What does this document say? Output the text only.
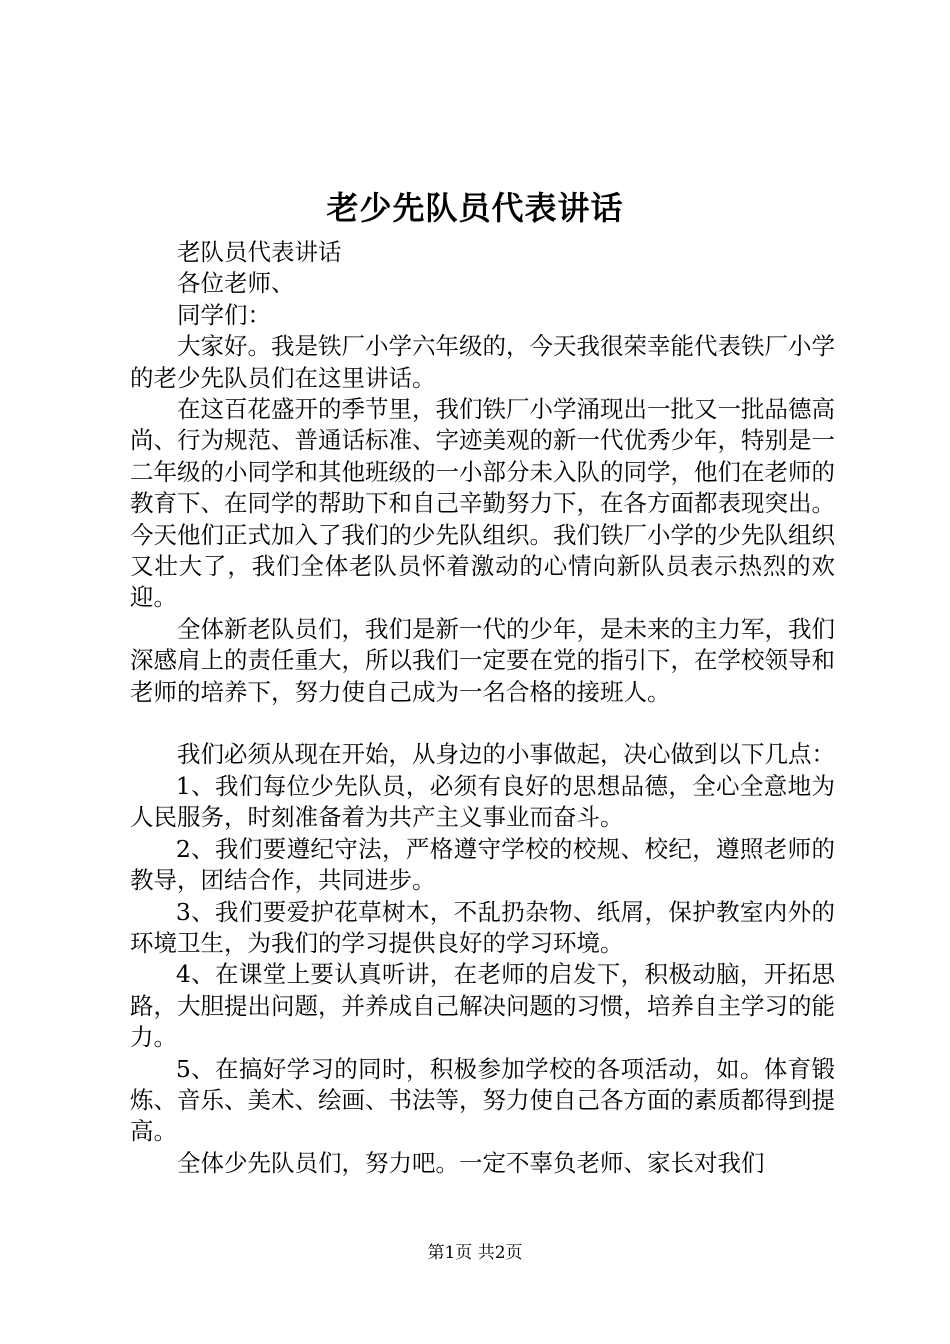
老少先队员代表讲话

老队员代表讲话

各位老师、

同学们：

大家好。我是铁厂小学六年级的，今天我很荣幸能代表铁厂小学的老少先队员们在这里讲话。

在这百花盛开的季节里，我们铁厂小学涌现出一批又一批品德高尚、行为规范、普通话标准、字迹美观的新一代优秀少年，特别是一二年级的小同学和其他班级的一小部分未入队的同学，他们在老师的教育下、在同学的帮助下和自己辛勤努力下，在各方面都表现突出。今天他们正式加入了我们的少先队组织。我们铁厂小学的少先队组织又壮大了，我们全体老队员怀着激动的心情向新队员表示热烈的欢迎。

全体新老队员们，我们是新一代的少年，是未来的主力军，我们深感肩上的责任重大，所以我们一定要在党的指引下，在学校领导和老师的培养下，努力使自己成为一名合格的接班人。

我们必须从现在开始，从身边的小事做起，决心做到以下几点：

1、我们每位少先队员，必须有良好的思想品德，全心全意地为人民服务，时刻准备着为共产主义事业而奋斗。

2、我们要遵纪守法，严格遵守学校的校规、校纪，遵照老师的教导，团结合作，共同进步。

3、我们要爱护花草树木，不乱扔杂物、纸屑，保护教室内外的环境卫生，为我们的学习提供良好的学习环境。

4、在课堂上要认真听讲，在老师的启发下，积极动脑，开拓思路，大胆提出问题，并养成自己解决问题的习惯，培养自主学习的能力。

5、在搞好学习的同时，积极参加学校的各项活动，如。体育锻炼、音乐、美术、绘画、书法等，努力使自己各方面的素质都得到提高。

全体少先队员们，努力吧。一定不辜负老师、家长对我们

第1页 共2页
